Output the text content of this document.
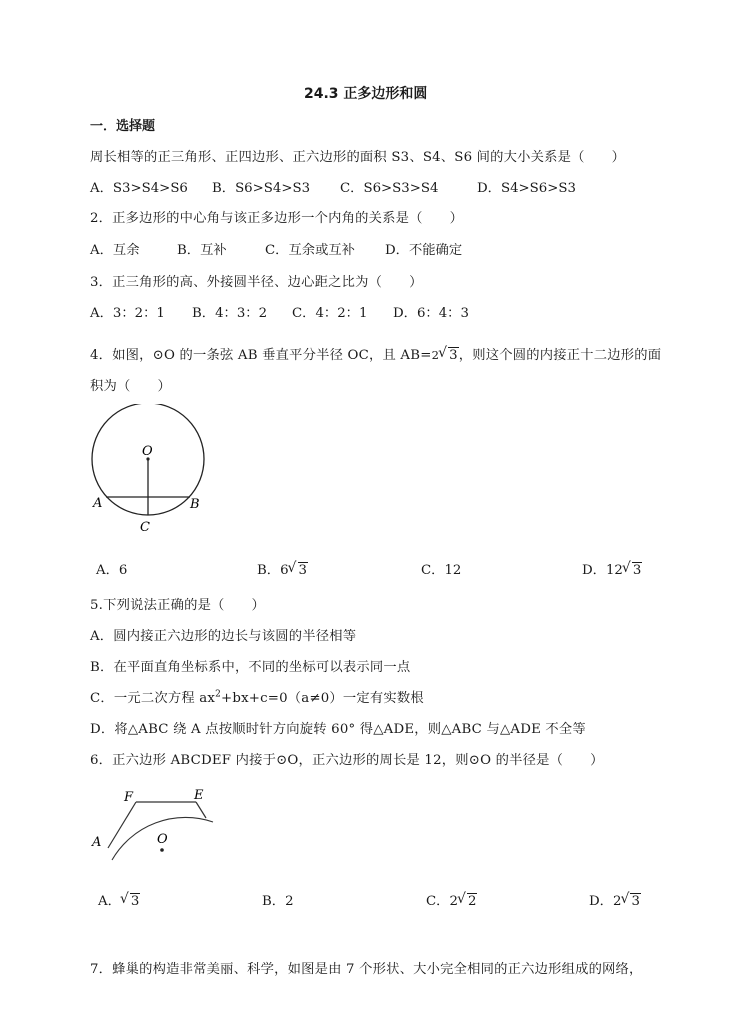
24.3 正多边形和圆
一．选择题
周长相等的正三角形、正四边形、正六边形的面积 S3、S4、S6 间的大小关系是（　　）
A．S3>S4>S6 B．S6>S4>S3 C．S6>S3>S4	D．S4>S6>S3
2．正多边形的中心角与该正多边形一个内角的关系是（　　）
A．互余	B．互补	C．互余或互补 D．不能确定
3．正三角形的高、外接圆半径、边心距之比为（　　）
A．3：2：1 B．4：3：2 C．4：2：1 D．6：4：3
4．如图，⊙O 的一条弦 AB 垂直平分半径 OC，且 AB=2 √ 3，则这个圆的内接正十二边形的面
积为（　　）
O
A	B
C
A．6	B．6 √ 3	C．12	D．12 √ 3
5.下列说法正确的是（　　）
A．圆内接正六边形的边长与该圆的半径相等
B．在平面直角坐标系中，不同的坐标可以表示同一点
C．一元二次方程 $ax^2+bx+c=0(a\ne 0)$一定有实数根
D．将△ABC 绕 A 点按顺时针方向旋转 60° 得△ADE，则△ABC 与△ADE 不全等
6．正六边形 ABCDEF 内接于⊙O，正六边形的周长是 12，则⊙O 的半径是（　　）
F	E
A	O
A． √ 3	B．2	C．2 √ 2	D．2 √ 3
7．蜂巢的构造非常美丽、科学，如图是由 7 个形状、大小完全相同的正六边形组成的网络，
